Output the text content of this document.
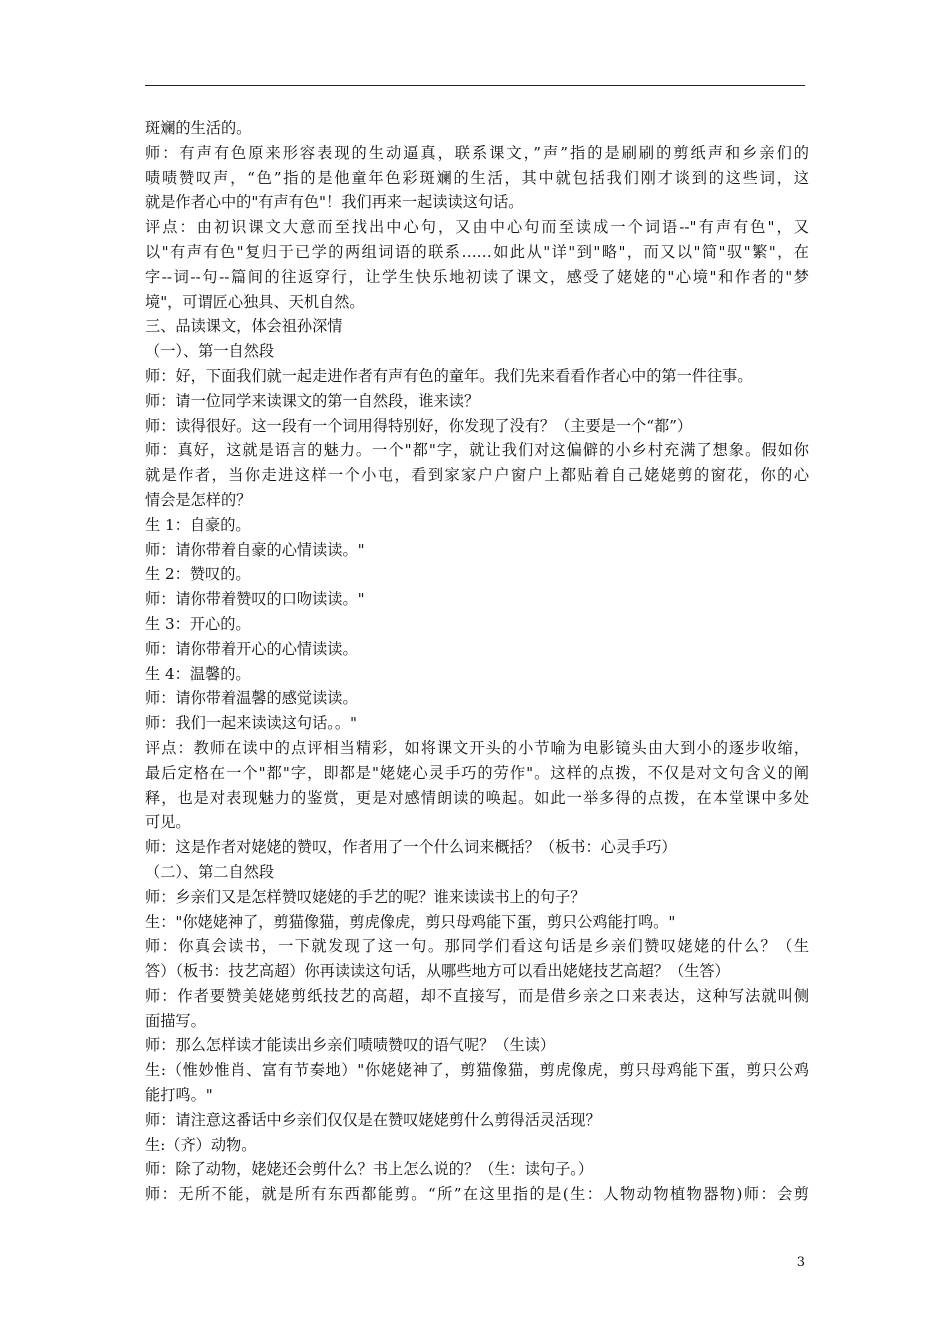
斑斓的生活的。
师：有声有色原来形容表现的生动逼真，联系课文，”声”指的是刷刷的剪纸声和乡亲们的
啧啧赞叹声，“色”指的是他童年色彩斑斓的生活，其中就包括我们刚才谈到的这些词，这
就是作者心中的"有声有色"！我们再来一起读读这句话。
评点：由初识课文大意而至找出中心句，又由中心句而至读成一个词语--"有声有色"，又
以"有声有色"复归于已学的两组词语的联系……如此从"详"到"略"，而又以"简"驭"繁"，在
字--词--句--篇间的往返穿行，让学生快乐地初读了课文，感受了姥姥的"心境"和作者的"梦
境"，可谓匠心独具、天机自然。
三、品读课文，体会祖孙深情
（一）、第一自然段
师：好，下面我们就一起走进作者有声有色的童年。我们先来看看作者心中的第一件往事。
师：请一位同学来读课文的第一自然段，谁来读？
师：读得很好。这一段有一个词用得特别好，你发现了没有？（主要是一个“都”）
师：真好，这就是语言的魅力。一个"都"字，就让我们对这偏僻的小乡村充满了想象。假如你
就是作者，当你走进这样一个小屯，看到家家户户窗户上都贴着自己姥姥剪的窗花，你的心
情会是怎样的？
生 1：自豪的。
师：请你带着自豪的心情读读。"
生 2：赞叹的。
师：请你带着赞叹的口吻读读。"
生 3：开心的。
师：请你带着开心的心情读读。
生 4：温馨的。
师：请你带着温馨的感觉读读。
师：我们一起来读读这句话。。"
评点：教师在读中的点评相当精彩，如将课文开头的小节喻为电影镜头由大到小的逐步收缩，
最后定格在一个"都"字，即都是"姥姥心灵手巧的劳作"。这样的点拨，不仅是对文句含义的阐
释，也是对表现魅力的鉴赏，更是对感情朗读的唤起。如此一举多得的点拨，在本堂课中多处
可见。
师：这是作者对姥姥的赞叹，作者用了一个什么词来概括？（板书：心灵手巧）
（二）、第二自然段
师：乡亲们又是怎样赞叹姥姥的手艺的呢？谁来读读书上的句子？
生："你姥姥神了，剪猫像猫，剪虎像虎，剪只母鸡能下蛋，剪只公鸡能打鸣。"
师：你真会读书，一下就发现了这一句。那同学们看这句话是乡亲们赞叹姥姥的什么？（生
答）（板书：技艺高超）你再读读这句话，从哪些地方可以看出姥姥技艺高超？（生答）
师：作者要赞美姥姥剪纸技艺的高超，却不直接写，而是借乡亲之口来表达，这种写法就叫侧
面描写。
师：那么怎样读才能读出乡亲们啧啧赞叹的语气呢？（生读）
生:（惟妙惟肖、富有节奏地）"你姥姥神了，剪猫像猫，剪虎像虎，剪只母鸡能下蛋，剪只公鸡
能打鸣。"
师：请注意这番话中乡亲们仅仅是在赞叹姥姥剪什么剪得活灵活现？
生:（齐）动物。
师：除了动物，姥姥还会剪什么？书上怎么说的？（生：读句子。）
师：无所不能，就是所有东西都能剪。“所”在这里指的是(生：人物动物植物器物)师：会剪
3
